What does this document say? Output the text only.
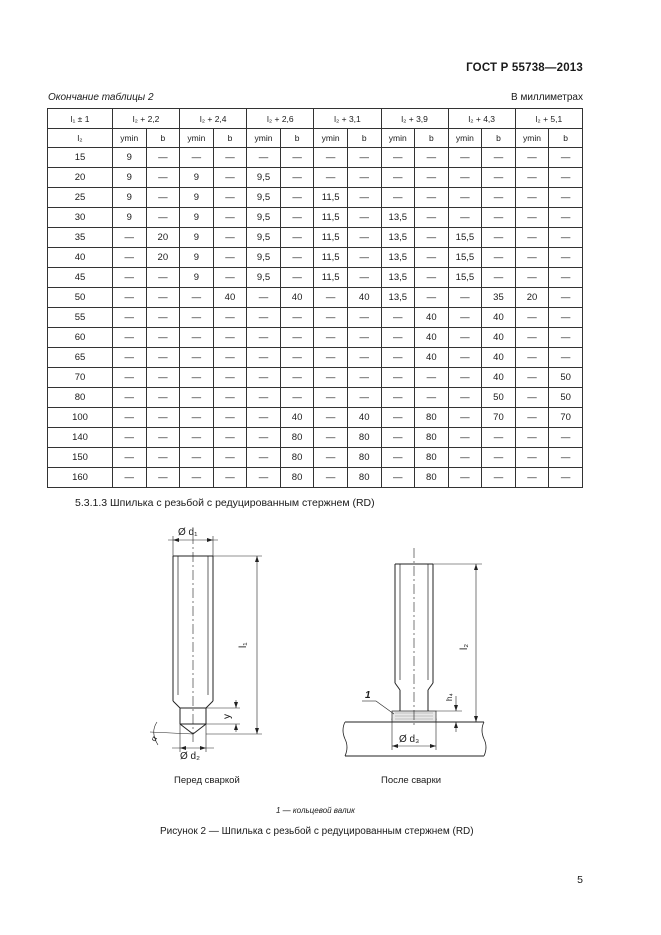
ГОСТ Р 55738—2013
Окончание таблицы 2	В миллиметрах
l₁ ± 1	l₂ + 2,2		l₂ + 2,4		l₂ + 2,6		l₂ + 3,1		l₂ + 3,9		l₂ + 4,3		l₂ + 5,1	
l₂	ymin	b	ymin	b	ymin	b	ymin	b	ymin	b	ymin	b	ymin	b
15	9	—	—	—	—	—	—	—	—	—	—	—	—	—
20	9	—	9	—	9,5	—	—	—	—	—	—	—	—	—
25	9	—	9	—	9,5	—	11,5	—	—	—	—	—	—	—
30	9	—	9	—	9,5	—	11,5	—	13,5	—	—	—	—	—
35	—	20	9	—	9,5	—	11,5	—	13,5	—	15,5	—	—	—
40	—	20	9	—	9,5	—	11,5	—	13,5	—	15,5	—	—	—
45	—	—	9	—	9,5	—	11,5	—	13,5	—	15,5	—	—	—
50	—	—	—	40	—	40	—	40	13,5	—	—	35	20	—
55	—	—	—	—	—	—	—	—	—	40	—	40	—	—
60	—	—	—	—	—	—	—	—	—	40	—	40	—	—
65	—	—	—	—	—	—	—	—	—	40	—	40	—	—
70	—	—	—	—	—	—	—	—	—	—	—	40	—	50
80	—	—	—	—	—	—	—	—	—	—	—	50	—	50
100	—	—	—	—	—	40	—	40	—	80	—	70	—	70
140	—	—	—	—	—	80	—	80	—	80	—	—	—	—
150	—	—	—	—	—	80	—	80	—	80	—	—	—	—
160	—	—	—	—	—	80	—	80	—	80	—	—	—	—
5.3.1.3 Шпилька с резьбой с редуцированным стержнем (RD)
Ø d₁
l₁
y
Ø d₂
α
l₂
h₄
Ø d₃
1
Перед сваркой	После сварки
1 — кольцевой валик
Рисунок 2 — Шпилька с резьбой с редуцированным стержнем (RD)
5
